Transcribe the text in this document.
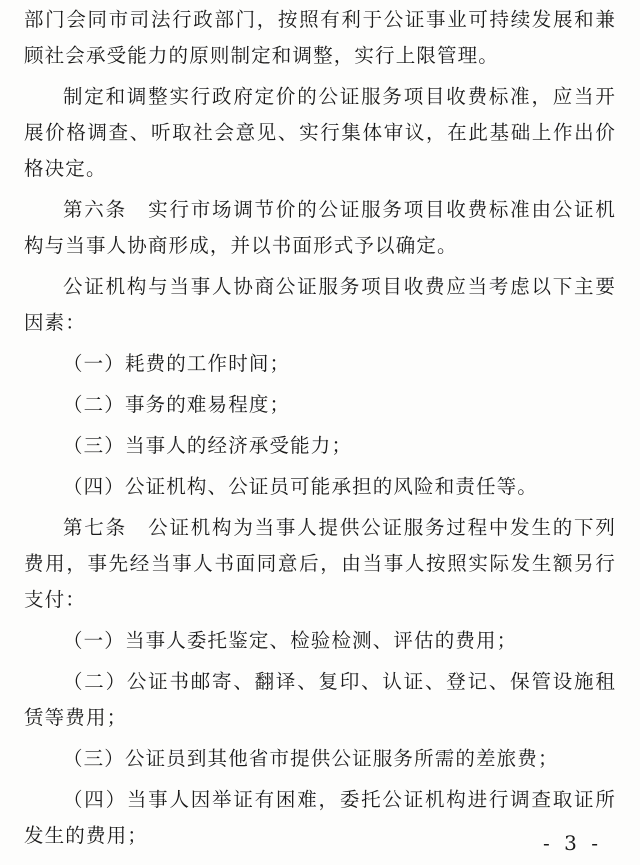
部门会同市司法行政部门，按照有利于公证事业可持续发展和兼顾社会承受能力的原则制定和调整，实行上限管理。

制定和调整实行政府定价的公证服务项目收费标准，应当开展价格调查、听取社会意见、实行集体审议，在此基础上作出价格决定。

第六条　实行市场调节价的公证服务项目收费标准由公证机构与当事人协商形成，并以书面形式予以确定。

公证机构与当事人协商公证服务项目收费应当考虑以下主要因素：

（一）耗费的工作时间；

（二）事务的难易程度；

（三）当事人的经济承受能力；

（四）公证机构、公证员可能承担的风险和责任等。

第七条　公证机构为当事人提供公证服务过程中发生的下列费用，事先经当事人书面同意后，由当事人按照实际发生额另行支付：

（一）当事人委托鉴定、检验检测、评估的费用；

（二）公证书邮寄、翻译、复印、认证、登记、保管设施租赁等费用；

（三）公证员到其他省市提供公证服务所需的差旅费；

（四）当事人因举证有困难，委托公证机构进行调查取证所发生的费用；	- 3 -
